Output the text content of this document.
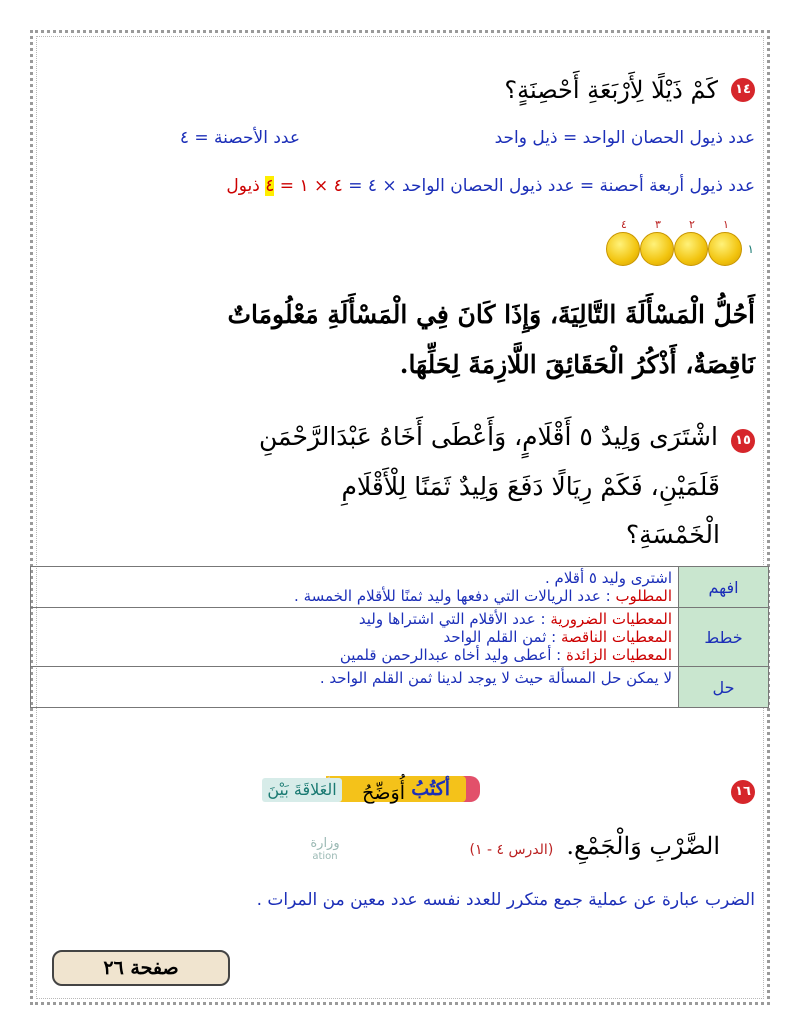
١٤ كَمْ ذَيْلًا لِأَرْبَعَةِ أَحْصِنَةٍ؟
عدد ذيول الحصان الواحد = ذيل واحد
عدد الأحصنة = ٤
عدد ذيول أربعة أحصنة = عدد ذيول الحصان الواحد × ٤ = ٤ × ١ = ٤ ذيول
١
٢
٣
٤
١
أَحُلُّ الْمَسْأَلَةَ التَّالِيَةَ، وَإِذَا كَانَ فِي الْمَسْأَلَةِ مَعْلُومَاتٌ
نَاقِصَةٌ، أَذْكُرُ الْحَقَائِقَ اللَّازِمَةَ لِحَلِّهَا.
١٥ اشْتَرَى وَلِيدٌ ٥ أَقْلَامٍ، وَأَعْطَى أَخَاهُ عَبْدَالرَّحْمَنِ
قَلَمَيْنِ، فَكَمْ رِيَالًا دَفَعَ وَلِيدٌ ثَمَنًا لِلْأَقْلَامِ
الْخَمْسَةِ؟
افهم	اشترى وليد ٥ أقلام .
المطلوب : عدد الريالات التي دفعها وليد ثمنًا للأقلام الخمسة .

خطط	المعطيات الضرورية : عدد الأقلام التي اشتراها وليد
المعطيات الناقصة : ثمن القلم الواحد
المعطيات الزائدة : أعطى وليد أخاه عبدالرحمن قلمين

حل	لا يمكن حل المسألة حيث لا يوجد لدينا ثمن القلم الواحد .
١٦
أكتُبُ
أُوَضِّحُ
العَلاقَةَ بَيْنَ
الضَّرْبِ وَالْجَمْعِ. (الدرس ٤ - ١)
وزارة
ation
الضرب عبارة عن عملية جمع متكرر للعدد نفسه عدد معين من المرات .
صفحة ٢٦
